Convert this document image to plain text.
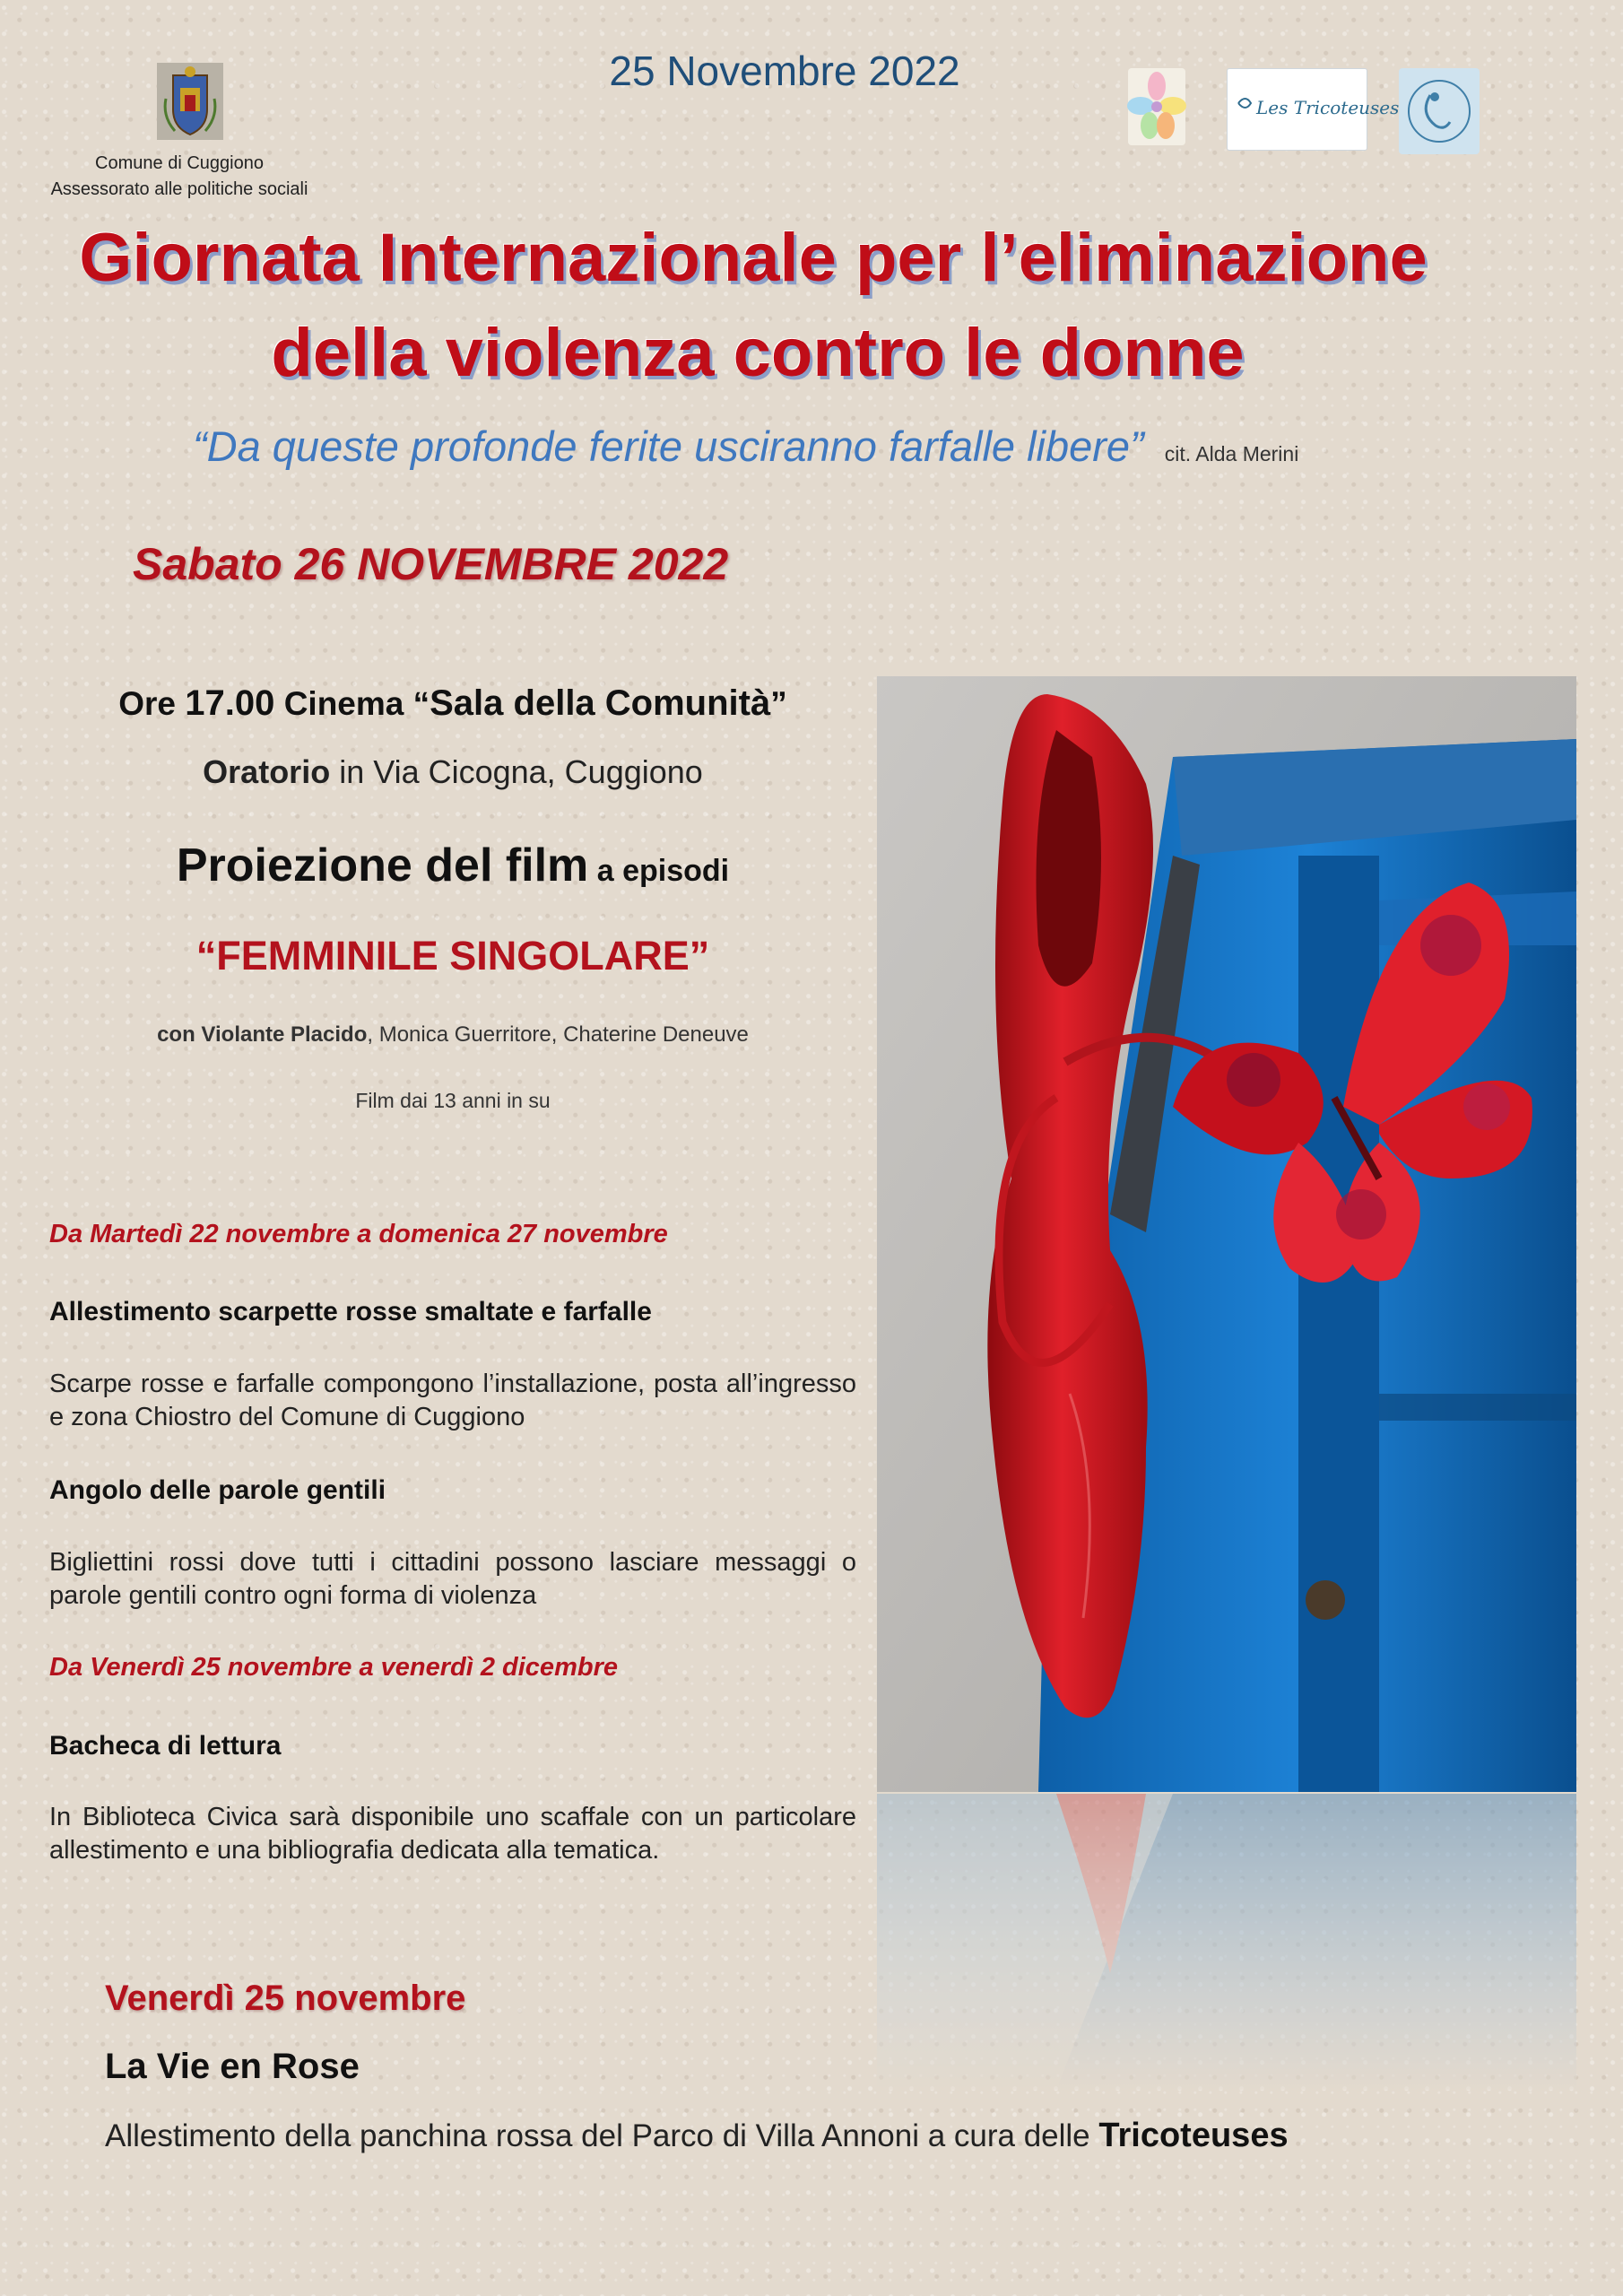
Comune di Cuggiono
Assessorato alle politiche sociali
25 Novembre 2022
Les Tricoteuses
Giornata Internazionale per l’eliminazione
della violenza contro le donne
“Da queste profonde ferite usciranno farfalle libere” cit. Alda Merini
Sabato 26 NOVEMBRE 2022
Ore 17.00 Cinema “Sala della Comunità”
Oratorio in Via Cicogna, Cuggiono
Proiezione del film a episodi
“FEMMINILE SINGOLARE”
con Violante Placido, Monica Guerritore, Chaterine Deneuve
Film dai 13 anni in su
Da Martedì 22 novembre a domenica 27 novembre
Allestimento scarpette rosse smaltate e farfalle
Scarpe rosse e farfalle compongono l’installazione, posta all’ingresso e zona Chiostro del Comune di Cuggiono
Angolo delle parole gentili
Bigliettini rossi dove tutti i cittadini possono lasciare messaggi o parole gentili contro ogni forma di violenza
Da Venerdì 25 novembre a venerdì 2 dicembre
Bacheca di lettura
In Biblioteca Civica sarà disponibile uno scaffale con un particolare allestimento e una bibliografia dedicata alla tematica.
Venerdì 25 novembre
La Vie en Rose
Allestimento della panchina rossa del Parco di Villa Annoni a cura delle Tricoteuses
